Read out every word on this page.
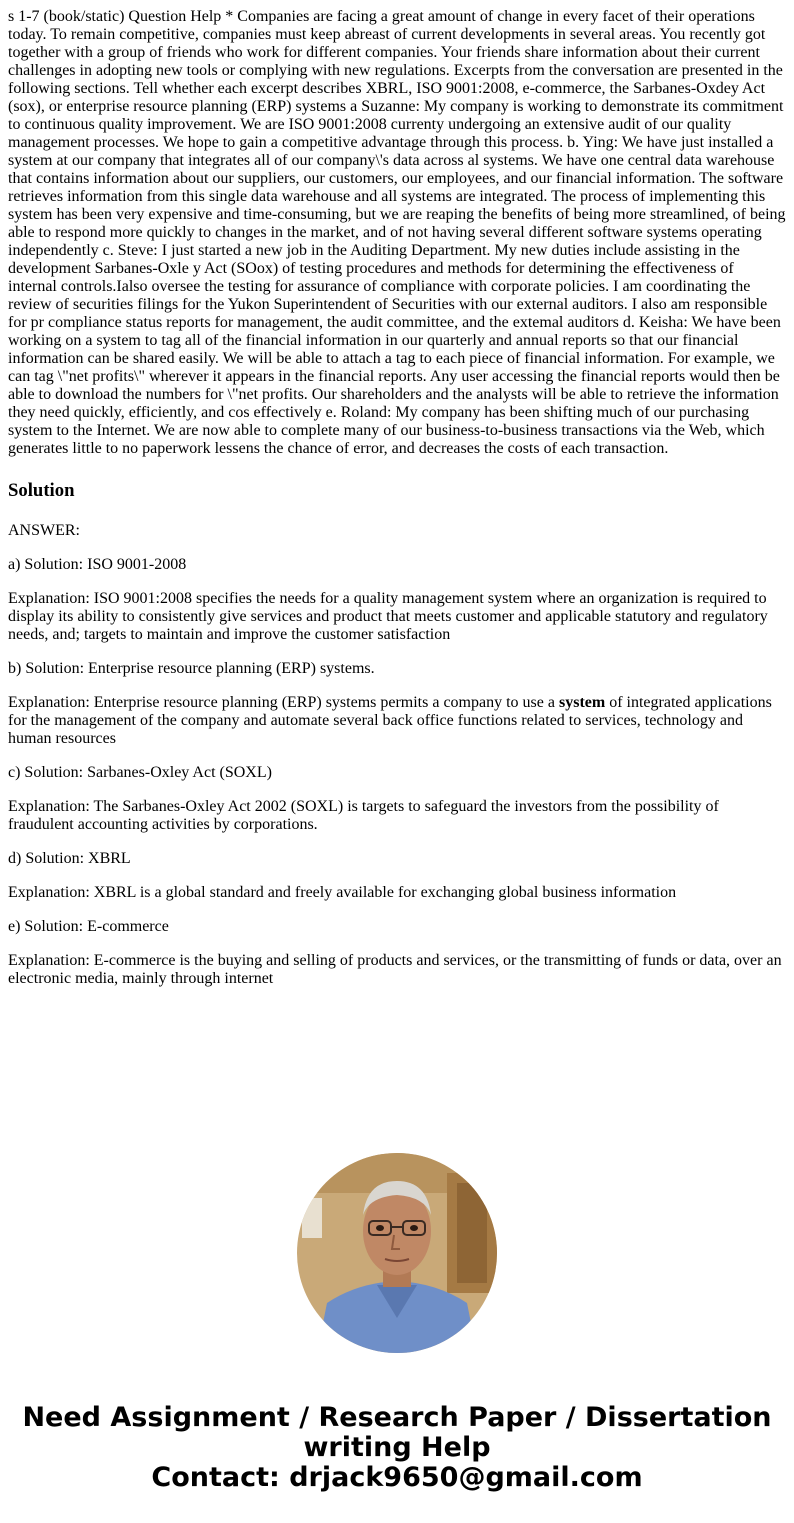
s 1-7 (book/static) Question Help * Companies are facing a great amount of change in every facet of their operations today. To remain competitive, companies must keep abreast of current developments in several areas. You recently got together with a group of friends who work for different companies. Your friends share information about their current challenges in adopting new tools or complying with new regulations. Excerpts from the conversation are presented in the following sections. Tell whether each excerpt describes XBRL, ISO 9001:2008, e-commerce, the Sarbanes-Oxdey Act (sox), or enterprise resource planning (ERP) systems a Suzanne: My company is working to demonstrate its commitment to continuous quality improvement. We are ISO 9001:2008 currenty undergoing an extensive audit of our quality management processes. We hope to gain a competitive advantage through this process. b. Ying: We have just installed a system at our company that integrates all of our company\'s data across al systems. We have one central data warehouse that contains information about our suppliers, our customers, our employees, and our financial information. The software retrieves information from this single data warehouse and all systems are integrated. The process of implementing this system has been very expensive and time-consuming, but we are reaping the benefits of being more streamlined, of being able to respond more quickly to changes in the market, and of not having several different software systems operating independently c. Steve: I just started a new job in the Auditing Department. My new duties include assisting in the development Sarbanes-Oxle y Act (SOox) of testing procedures and methods for determining the effectiveness of internal controls.Ialso oversee the testing for assurance of compliance with corporate policies. I am coordinating the review of securities filings for the Yukon Superintendent of Securities with our external auditors. I also am responsible for pr compliance status reports for management, the audit committee, and the extemal auditors d. Keisha: We have been working on a system to tag all of the financial information in our quarterly and annual reports so that our financial information can be shared easily. We will be able to attach a tag to each piece of financial information. For example, we can tag \"net profits\" wherever it appears in the financial reports. Any user accessing the financial reports would then be able to download the numbers for \"net profits. Our shareholders and the analysts will be able to retrieve the information they need quickly, efficiently, and cos effectively e. Roland: My company has been shifting much of our purchasing system to the Internet. We are now able to complete many of our business-to-business transactions via the Web, which generates little to no paperwork lessens the chance of error, and decreases the costs of each transaction.
Solution

ANSWER:

a) Solution: ISO 9001-2008

Explanation: ISO 9001:2008 specifies the needs for a quality management system where an organization is required to display its ability to consistently give services and product that meets customer and applicable statutory and regulatory needs, and; targets to maintain and improve the customer satisfaction

b) Solution: Enterprise resource planning (ERP) systems.

Explanation: Enterprise resource planning (ERP) systems permits a company to use a system of integrated applications for the management of the company and automate several back office functions related to services, technology and human resources

c) Solution: Sarbanes-Oxley Act (SOXL)

Explanation: The Sarbanes-Oxley Act 2002 (SOXL) is targets to safeguard the investors from the possibility of fraudulent accounting activities by corporations.

d) Solution: XBRL

Explanation: XBRL is a global standard and freely available for exchanging global business information

e) Solution: E-commerce

Explanation: E-commerce is the buying and selling of products and services, or the transmitting of funds or data, over an electronic media, mainly through internet

Need Assignment / Research Paper / Dissertation
writing Help
Contact: drjack9650@gmail.com
